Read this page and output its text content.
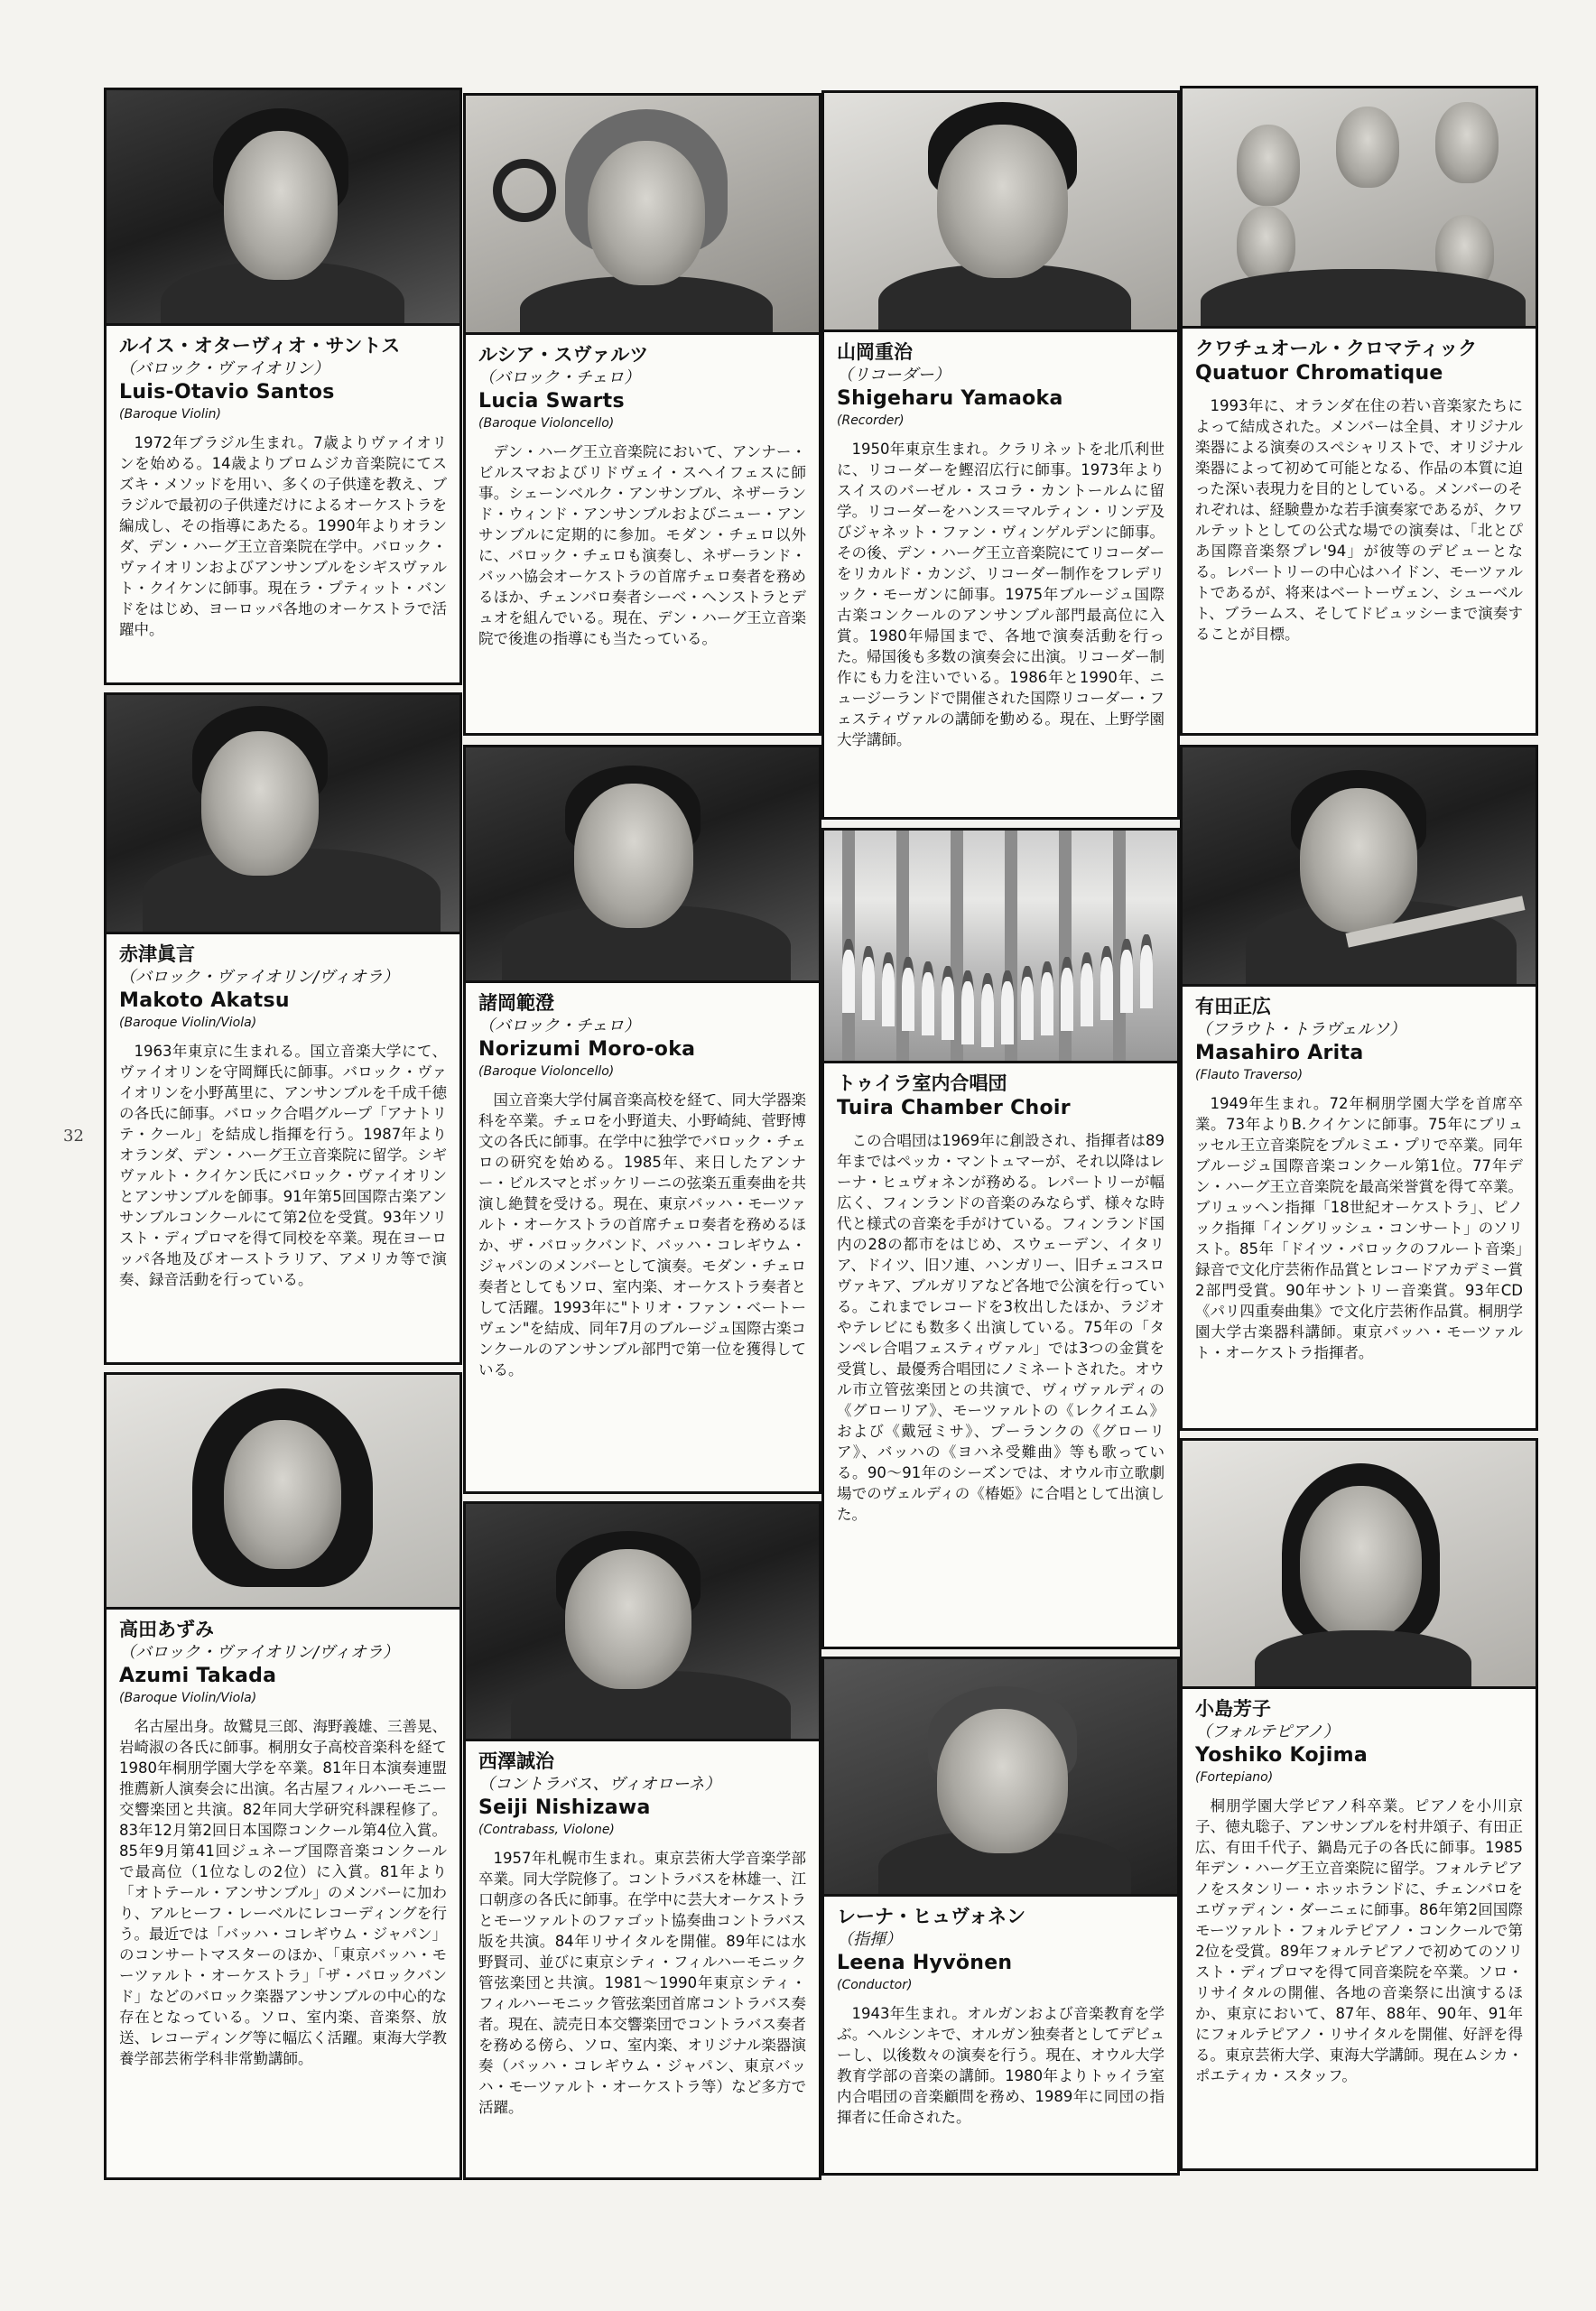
32
ルイス・オターヴィオ・サントス
（バロック・ヴァイオリン）
Luis-Otavio Santos
(Baroque Violin)

1972年ブラジル生まれ。7歳よりヴァイオリンを始める。14歳よりブロムジカ音楽院にてスズキ・メソッドを用い、多くの子供達を教え、ブラジルで最初の子供達だけによるオーケストラを編成し、その指導にあたる。1990年よりオランダ、デン・ハーグ王立音楽院在学中。バロック・ヴァイオリンおよびアンサンブルをシギスヴァルト・クイケンに師事。現在ラ・プティット・バンドをはじめ、ヨーロッパ各地のオーケストラで活躍中。

赤津眞言
（バロック・ヴァイオリン/ヴィオラ）
Makoto Akatsu
(Baroque Violin/Viola)

1963年東京に生まれる。国立音楽大学にて、ヴァイオリンを守岡輝氏に師事。バロック・ヴァイオリンを小野萬里に、アンサンブルを千成千徳の各氏に師事。バロック合唱グループ「アナトリテ・クール」を結成し指揮を行う。1987年よりオランダ、デン・ハーグ王立音楽院に留学。シギヴァルト・クイケン氏にバロック・ヴァイオリンとアンサンブルを師事。91年第5回国際古楽アンサンブルコンクールにて第2位を受賞。93年ソリスト・ディプロマを得て同校を卒業。現在ヨーロッパ各地及びオーストラリア、アメリカ等で演奏、録音活動を行っている。

高田あずみ
（バロック・ヴァイオリン/ヴィオラ）
Azumi Takada
(Baroque Violin/Viola)

名古屋出身。故鷲見三郎、海野義雄、三善晃、岩崎淑の各氏に師事。桐朋女子高校音楽科を経て1980年桐朋学園大学を卒業。81年日本演奏連盟推薦新人演奏会に出演。名古屋フィルハーモニー交響楽団と共演。82年同大学研究科課程修了。83年12月第2回日本国際コンクール第4位入賞。85年9月第41回ジュネーブ国際音楽コンクールで最高位（1位なしの2位）に入賞。81年より「オトテール・アンサンブル」のメンバーに加わり、アルヒーフ・レーベルにレコーディングを行う。最近では「バッハ・コレギウム・ジャパン」のコンサートマスターのほか、「東京バッハ・モーツァルト・オーケストラ」「ザ・バロックバンド」などのバロック楽器アンサンブルの中心的な存在となっている。ソロ、室内楽、音楽祭、放送、レコーディング等に幅広く活躍。東海大学教養学部芸術学科非常勤講師。

ルシア・スヴァルツ
（バロック・チェロ）
Lucia Swarts
(Baroque Violoncello)

デン・ハーグ王立音楽院において、アンナー・ビルスマおよびリドヴェイ・スヘイフェスに師事。シェーンベルク・アンサンブル、ネザーランド・ウィンド・アンサンブルおよびニュー・アンサンブルに定期的に参加。モダン・チェロ以外に、バロック・チェロも演奏し、ネザーランド・バッハ協会オーケストラの首席チェロ奏者を務めるほか、チェンバロ奏者シーベ・ヘンストラとデュオを組んでいる。現在、デン・ハーグ王立音楽院で後進の指導にも当たっている。

諸岡範澄
（バロック・チェロ）
Norizumi Moro-oka
(Baroque Violoncello)

国立音楽大学付属音楽高校を経て、同大学器楽科を卒業。チェロを小野道夫、小野崎純、菅野博文の各氏に師事。在学中に独学でバロック・チェロの研究を始める。1985年、来日したアンナー・ビルスマとボッケリーニの弦楽五重奏曲を共演し絶賛を受ける。現在、東京バッハ・モーツァルト・オーケストラの首席チェロ奏者を務めるほか、ザ・バロックバンド、バッハ・コレギウム・ジャパンのメンバーとして演奏。モダン・チェロ奏者としてもソロ、室内楽、オーケストラ奏者として活躍。1993年に"トリオ・ファン・ベートーヴェン"を結成、同年7月のブルージュ国際古楽コンクールのアンサンブル部門で第一位を獲得している。

西澤誠治
（コントラバス、ヴィオローネ）
Seiji Nishizawa
(Contrabass, Violone)

1957年札幌市生まれ。東京芸術大学音楽学部卒業。同大学院修了。コントラバスを林雄一、江口朝彦の各氏に師事。在学中に芸大オーケストラとモーツァルトのファゴット協奏曲コントラバス版を共演。84年リサイタルを開催。89年には水野賢司、並びに東京シティ・フィルハーモニック管弦楽団と共演。1981〜1990年東京シティ・フィルハーモニック管弦楽団首席コントラバス奏者。現在、読売日本交響楽団でコントラバス奏者を務める傍ら、ソロ、室内楽、オリジナル楽器演奏（バッハ・コレギウム・ジャパン、東京バッハ・モーツァルト・オーケストラ等）など多方で活躍。

山岡重治
（リコーダー）
Shigeharu Yamaoka
(Recorder)

1950年東京生まれ。クラリネットを北爪利世に、リコーダーを鰹沼広行に師事。1973年よりスイスのバーゼル・スコラ・カントールムに留学。リコーダーをハンス＝マルティン・リンデ及びジャネット・ファン・ヴィンゲルデンに師事。その後、デン・ハーグ王立音楽院にてリコーダーをリカルド・カンジ、リコーダー制作をフレデリック・モーガンに師事。1975年ブルージュ国際古楽コンクールのアンサンブル部門最高位に入賞。1980年帰国まで、各地で演奏活動を行った。帰国後も多数の演奏会に出演。リコーダー制作にも力を注いでいる。1986年と1990年、ニュージーランドで開催された国際リコーダー・フェスティヴァルの講師を勤める。現在、上野学園大学講師。

トゥイラ室内合唱団
Tuira Chamber Choir

この合唱団は1969年に創設され、指揮者は89年まではペッカ・マントュマーが、それ以降はレーナ・ヒュヴォネンが務める。レパートリーが幅広く、フィンランドの音楽のみならず、様々な時代と様式の音楽を手がけている。フィンランド国内の28の都市をはじめ、スウェーデン、イタリア、ドイツ、旧ソ連、ハンガリー、旧チェコスロヴァキア、ブルガリアなど各地で公演を行っている。これまでレコードを3枚出したほか、ラジオやテレビにも数多く出演している。75年の「タンペレ合唱フェスティヴァル」では3つの金賞を受賞し、最優秀合唱団にノミネートされた。オウル市立管弦楽団との共演で、ヴィヴァルディの《グローリア》、モーツァルトの《レクイエム》および《戴冠ミサ》、プーランクの《グローリア》、バッハの《ヨハネ受難曲》等も歌っている。90〜91年のシーズンでは、オウル市立歌劇場でのヴェルディの《椿姫》に合唱として出演した。

レーナ・ヒュヴォネン
（指揮）
Leena Hyvönen
(Conductor)

1943年生まれ。オルガンおよび音楽教育を学ぶ。ヘルシンキで、オルガン独奏者としてデビューし、以後数々の演奏を行う。現在、オウル大学教育学部の音楽の講師。1980年よりトゥイラ室内合唱団の音楽顧問を務め、1989年に同団の指揮者に任命された。

クワチュオール・クロマティック
Quatuor Chromatique

1993年に、オランダ在住の若い音楽家たちによって結成された。メンバーは全員、オリジナル楽器による演奏のスペシャリストで、オリジナル楽器によって初めて可能となる、作品の本質に迫った深い表現力を目的としている。メンバーのそれぞれは、経験豊かな若手演奏家であるが、クワルテットとしての公式な場での演奏は、「北とぴあ国際音楽祭プレ'94」が彼等のデビューとなる。レパートリーの中心はハイドン、モーツァルトであるが、将来はベートーヴェン、シューベルト、ブラームス、そしてドビュッシーまで演奏することが目標。

有田正広
（フラウト・トラヴェルソ）
Masahiro Arita
(Flauto Traverso)

1949年生まれ。72年桐朋学園大学を首席卒業。73年よりB.クイケンに師事。75年にブリュッセル王立音楽院をプルミエ・プリで卒業。同年ブルージュ国際音楽コンクール第1位。77年デン・ハーグ王立音楽院を最高栄誉賞を得て卒業。ブリュッヘン指揮「18世紀オーケストラ」、ピノック指揮「イングリッシュ・コンサート」のソリスト。85年「ドイツ・バロックのフルート音楽」録音で文化庁芸術作品賞とレコードアカデミー賞2部門受賞。90年サントリー音楽賞。93年CD《パリ四重奏曲集》で文化庁芸術作品賞。桐朋学園大学古楽器科講師。東京バッハ・モーツァルト・オーケストラ指揮者。

小島芳子
（フォルテピアノ）
Yoshiko Kojima
(Fortepiano)

桐朋学園大学ピアノ科卒業。ピアノを小川京子、徳丸聡子、アンサンブルを村井頌子、有田正広、有田千代子、鍋島元子の各氏に師事。1985年デン・ハーグ王立音楽院に留学。フォルテピアノをスタンリー・ホッホランドに、チェンバロをエヴァディン・ダーニェに師事。86年第2回国際モーツァルト・フォルテピアノ・コンクールで第2位を受賞。89年フォルテピアノで初めてのソリスト・ディプロマを得て同音楽院を卒業。ソロ・リサイタルの開催、各地の音楽祭に出演するほか、東京において、87年、88年、90年、91年にフォルテピアノ・リサイタルを開催、好評を得る。東京芸術大学、東海大学講師。現在ムシカ・ポエティカ・スタッフ。
